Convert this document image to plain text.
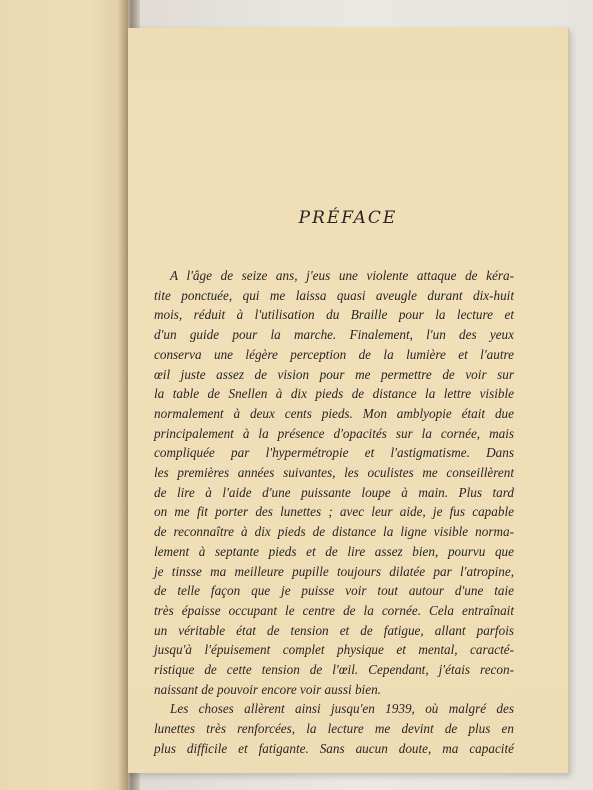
PRÉFACE
A l'âge de seize ans, j'eus une violente attaque de kéra-
tite ponctuée, qui me laissa quasi aveugle durant dix-huit
mois, réduit à l'utilisation du Braille pour la lecture et
d'un guide pour la marche. Finalement, l'un des yeux
conserva une légère perception de la lumière et l'autre
œil juste assez de vision pour me permettre de voir sur
la table de Snellen à dix pieds de distance la lettre visible
normalement à deux cents pieds. Mon amblyopie était due
principalement à la présence d'opacités sur la cornée, mais
compliquée par l'hypermétropie et l'astigmatisme. Dans
les premières années suivantes, les oculistes me conseillèrent
de lire à l'aide d'une puissante loupe à main. Plus tard
on me fit porter des lunettes ; avec leur aide, je fus capable
de reconnaître à dix pieds de distance la ligne visible norma-
lement à septante pieds et de lire assez bien, pourvu que
je tinsse ma meilleure pupille toujours dilatée par l'atropine,
de telle façon que je puisse voir tout autour d'une taie
très épaisse occupant le centre de la cornée. Cela entraînait
un véritable état de tension et de fatigue, allant parfois
jusqu'à l'épuisement complet physique et mental, caracté-
ristique de cette tension de l'œil. Cependant, j'étais recon-
naissant de pouvoir encore voir aussi bien.
Les choses allèrent ainsi jusqu'en 1939, où malgré des
lunettes très renforcées, la lecture me devint de plus en
plus difficile et fatigante. Sans aucun doute, ma capacité
